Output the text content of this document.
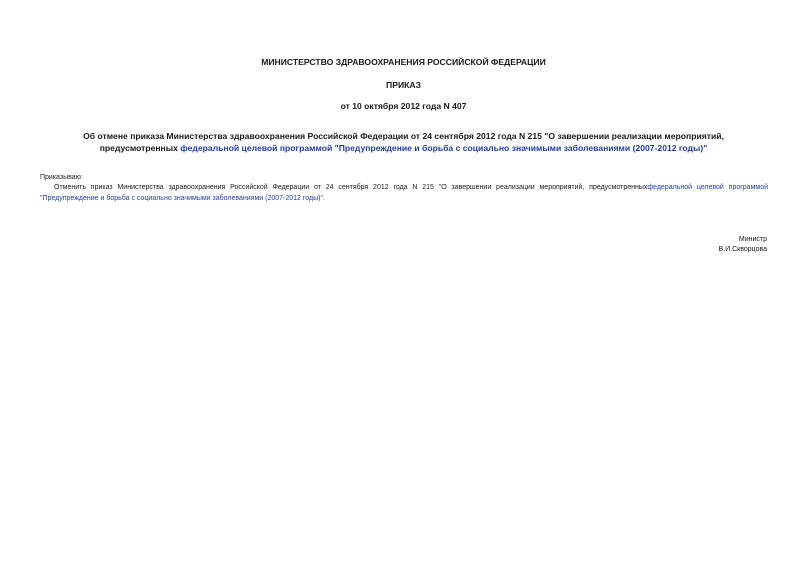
МИНИСТЕРСТВО ЗДРАВООХРАНЕНИЯ РОССИЙСКОЙ ФЕДЕРАЦИИ
ПРИКАЗ
от 10 октября 2012 года N 407
Об отмене приказа Министерства здравоохранения Российской Федерации от 24 сентября 2012 года N 215 "О завершении реализации мероприятий,
предусмотренных федеральной целевой программой "Предупреждение и борьба с социально значимыми заболеваниями (2007-2012 годы)"
Приказываю:
Отменить приказ Министерства здравоохранения Российской Федерации от 24 сентября 2012 года N 215 "О завершении реализации мероприятий, предусмотренныхфедеральной целевой программой "Предупреждение и борьба с социально значимыми заболеваниями (2007-2012 годы)".
Министр
В.И.Скворцова
